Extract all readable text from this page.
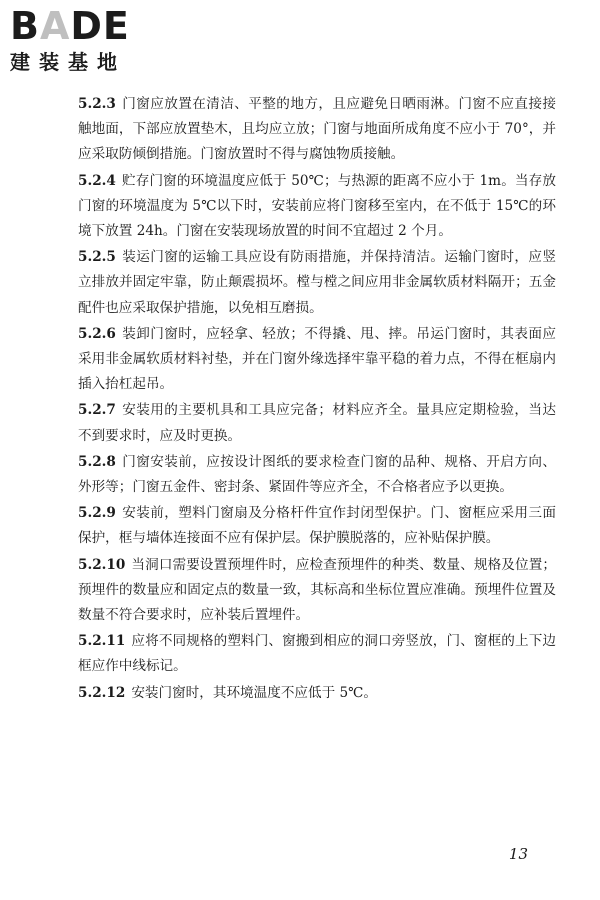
BADE
建装基地

5.2.3 门窗应放置在清洁、平整的地方，且应避免日晒雨淋。门窗不应直接接触地面，下部应放置垫木，且均应立放；门窗与地面所成角度不应小于 70°，并应采取防倾倒措施。门窗放置时不得与腐蚀物质接触。

5.2.4 贮存门窗的环境温度应低于 50℃；与热源的距离不应小于 1m。当存放门窗的环境温度为 5℃以下时，安装前应将门窗移至室内，在不低于 15℃的环境下放置 24h。门窗在安装现场放置的时间不宜超过 2 个月。

5.2.5 装运门窗的运输工具应设有防雨措施，并保持清洁。运输门窗时，应竖立排放并固定牢靠，防止颠震损坏。樘与樘之间应用非金属软质材料隔开；五金配件也应采取保护措施，以免相互磨损。

5.2.6 装卸门窗时，应轻拿、轻放；不得撬、甩、摔。吊运门窗时，其表面应采用非金属软质材料衬垫，并在门窗外缘选择牢靠平稳的着力点，不得在框扇内插入抬杠起吊。

5.2.7 安装用的主要机具和工具应完备；材料应齐全。量具应定期检验，当达不到要求时，应及时更换。

5.2.8 门窗安装前，应按设计图纸的要求检查门窗的品种、规格、开启方向、外形等；门窗五金件、密封条、紧固件等应齐全，不合格者应予以更换。

5.2.9 安装前，塑料门窗扇及分格杆件宜作封闭型保护。门、窗框应采用三面保护，框与墙体连接面不应有保护层。保护膜脱落的，应补贴保护膜。

5.2.10 当洞口需要设置预埋件时，应检查预埋件的种类、数量、规格及位置；预埋件的数量应和固定点的数量一致，其标高和坐标位置应准确。预埋件位置及数量不符合要求时，应补装后置埋件。

5.2.11 应将不同规格的塑料门、窗搬到相应的洞口旁竖放，门、窗框的上下边框应作中线标记。

5.2.12 安装门窗时，其环境温度不应低于 5℃。

13
